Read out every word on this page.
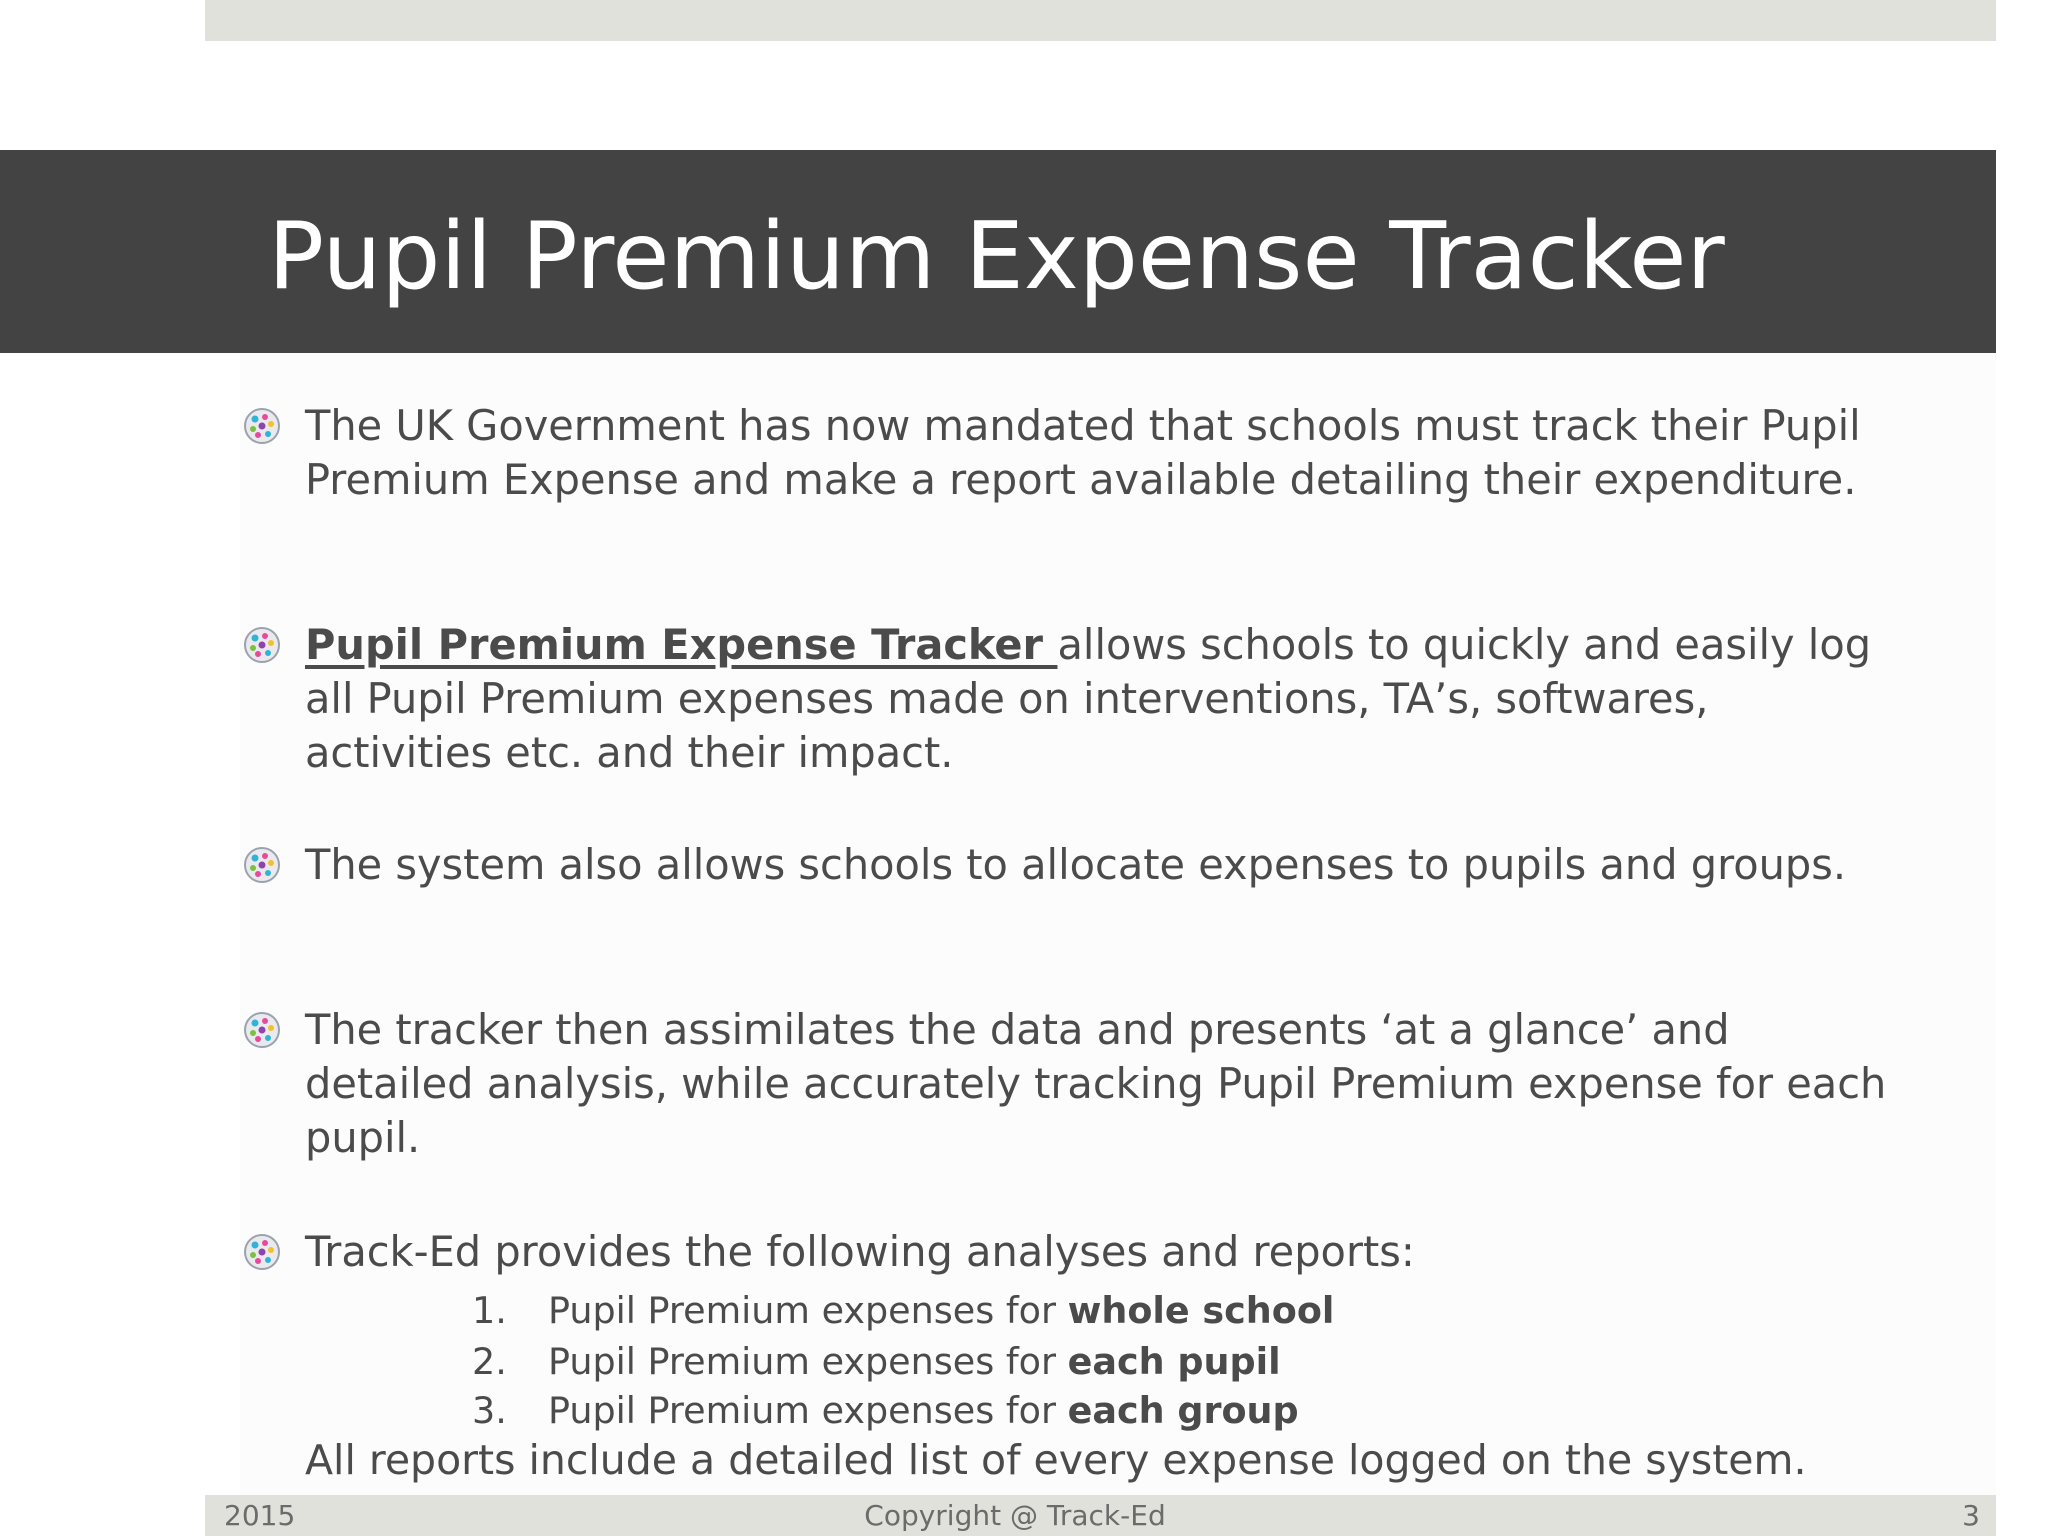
Pupil Premium Expense Tracker
The UK Government has now mandated that schools must track their Pupil Premium Expense and make a report available detailing their expenditure.
Pupil Premium Expense Tracker allows schools to quickly and easily log all Pupil Premium expenses made on interventions, TA’s, softwares, activities etc. and their impact.
The system also allows schools to allocate expenses to pupils and groups.
The tracker then assimilates the data and presents ‘at a glance’ and detailed analysis, while accurately tracking Pupil Premium expense for each pupil.
Track-Ed provides the following analyses and reports:
1. Pupil Premium expenses for whole school
2. Pupil Premium expenses for each pupil
3. Pupil Premium expenses for each group
All reports include a detailed list of every expense logged on the system.
2015	Copyright @ Track-Ed	3
